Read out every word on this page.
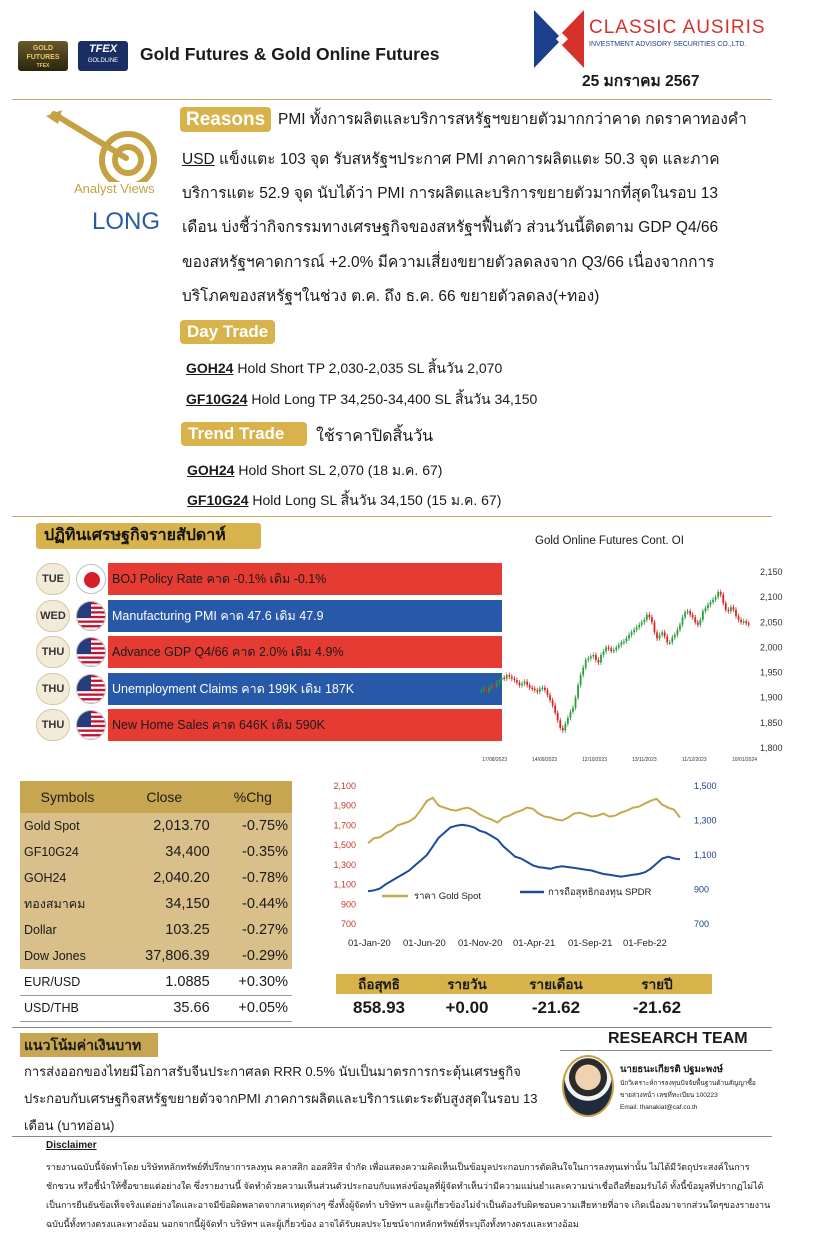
GOLD
FUTURES
TFEX
TFEX
GOLDLINE	Gold Futures & Gold Online Futures
CLASSIC AUSIRIS
INVESTMENT ADVISORY SECURITIES CO.,LTD.
25 มกราคม 2567
Analyst Views
LONG
Reasons PMI ทั้งการผลิตและบริการสหรัฐฯขยายตัวมากกว่าคาด กดราคาทองคำ
USD แข็งแตะ 103 จุด รับสหรัฐฯประกาศ PMI ภาคการผลิตแตะ 50.3 จุด และภาค
บริการแตะ 52.9 จุด นับได้ว่า PMI การผลิตและบริการขยายตัวมากที่สุดในรอบ 13
เดือน บ่งชี้ว่ากิจกรรมทางเศรษฐกิจของสหรัฐฯฟื้นตัว ส่วนวันนี้ติดตาม GDP Q4/66
ของสหรัฐฯคาดการณ์ +2.0% มีความเสี่ยงขยายตัวลดลงจาก Q3/66 เนื่องจากการ
บริโภคของสหรัฐฯในช่วง ต.ค. ถึง ธ.ค. 66 ขยายตัวลดลง(+ทอง)
Day Trade
GOH24 Hold Short TP 2,030-2,035 SL สิ้นวัน 2,070
GF10G24 Hold Long TP 34,250-34,400 SL สิ้นวัน 34,150
Trend Trade	ใช้ราคาปิดสิ้นวัน
GOH24 Hold Short SL 2,070 (18 ม.ค. 67)
GF10G24 Hold Long SL สิ้นวัน 34,150 (15 ม.ค. 67)
ปฏิทินเศรษฐกิจรายสัปดาห์
TUE	BOJ Policy Rate คาด -0.1% เดิม -0.1%
WED	Manufacturing PMI คาด 47.6 เดิม 47.9
THU	Advance GDP Q4/66 คาด 2.0% เดิม 4.9%
THU	Unemployment Claims คาด 199K เดิม 187K
THU	New Home Sales คาด 646K เดิม 590K
Gold Online Futures Cont. OI
2,150
2,100
2,050
2,000
1,950
1,900
1,850
1,800
17/08/2023	14/09/2023	12/10/2023	13/11/2023	11/12/2023	10/01/2024
Symbols	Close	%Chg
Gold Spot	2,013.70	-0.75%
GF10G24	34,400	-0.35%
GOH24	2,040.20	-0.78%
ทองสมาคม	34,150	-0.44%
Dollar	103.25	-0.27%
Dow Jones	37,806.39	-0.29%
EUR/USD	1.0885	+0.30%
USD/THB	35.66	+0.05%
2,100
1,900
1,700
1,500
1,300
1,100
900
700
1,500
1,300
1,100
900
700
01-Jan-20 01-Jun-20 01-Nov-20 01-Apr-21 01-Sep-21 01-Feb-22
ราคา Gold Spot	การถือสุทธิกองทุน SPDR
ถือสุทธิ	รายวัน	รายเดือน	รายปี
858.93	+0.00	-21.62	-21.62
แนวโน้มค่าเงินบาท
การส่งออกของไทยมีโอกาสรับจีนประกาศลด RRR 0.5% นับเป็นมาตรการกระตุ้นเศรษฐกิจ
ประกอบกับเศรษฐกิจสหรัฐขยายตัวจากPMI ภาคการผลิตและบริการแตะระดับสูงสุดในรอบ 13
เดือน (บาทอ่อน)
RESEARCH TEAM
นายธนะเกียรติ ปฐมะพงษ์
นักวิเคราะห์การลงทุนปัจจัยพื้นฐานด้านสัญญาซื้อ
ขายล่วงหน้า เลขที่ทะเบียน 100223
Email: thanakiat@caf.co.th
Disclaimer
รายงานฉบับนี้จัดทำโดย บริษัทหลักทรัพย์ที่ปรึกษาการลงทุน คลาสสิก ออสสิริส จำกัด เพื่อแสดงความคิดเห็นเป็นข้อมูลประกอบการตัดสินใจในการลงทุนเท่านั้น ไม่ได้มีวัตถุประสงค์ในการชักชวน หรือชี้นำให้ซื้อขายแต่อย่างใด ซึ่งรายงานนี้ จัดทำด้วยความเห็นส่วนตัวประกอบกับแหล่งข้อมูลที่ผู้จัดทำเห็นว่ามีความแม่นยำและความน่าเชื่อถือที่ยอมรับได้ ทั้งนี้ข้อมูลที่ปรากฏไม่ได้เป็นการยืนยันข้อเท็จจริงแต่อย่างใดและอาจมีข้อผิดพลาดจากสาเหตุต่างๆ ซึ่งทั้งผู้จัดทำ บริษัทฯ และผู้เกี่ยวข้องไม่จำเป็นต้องรับผิดชอบความเสียหายที่อาจ เกิดเนื่องมาจากส่วนใดๆของรายงานฉบับนี้ทั้งทางตรงและทางอ้อม นอกจากนี้ผู้จัดทำ บริษัทฯ และผู้เกี่ยวข้อง อาจได้รับผลประโยชน์จากหลักทรัพย์ที่ระบุถึงทั้งทางตรงและทางอ้อม
